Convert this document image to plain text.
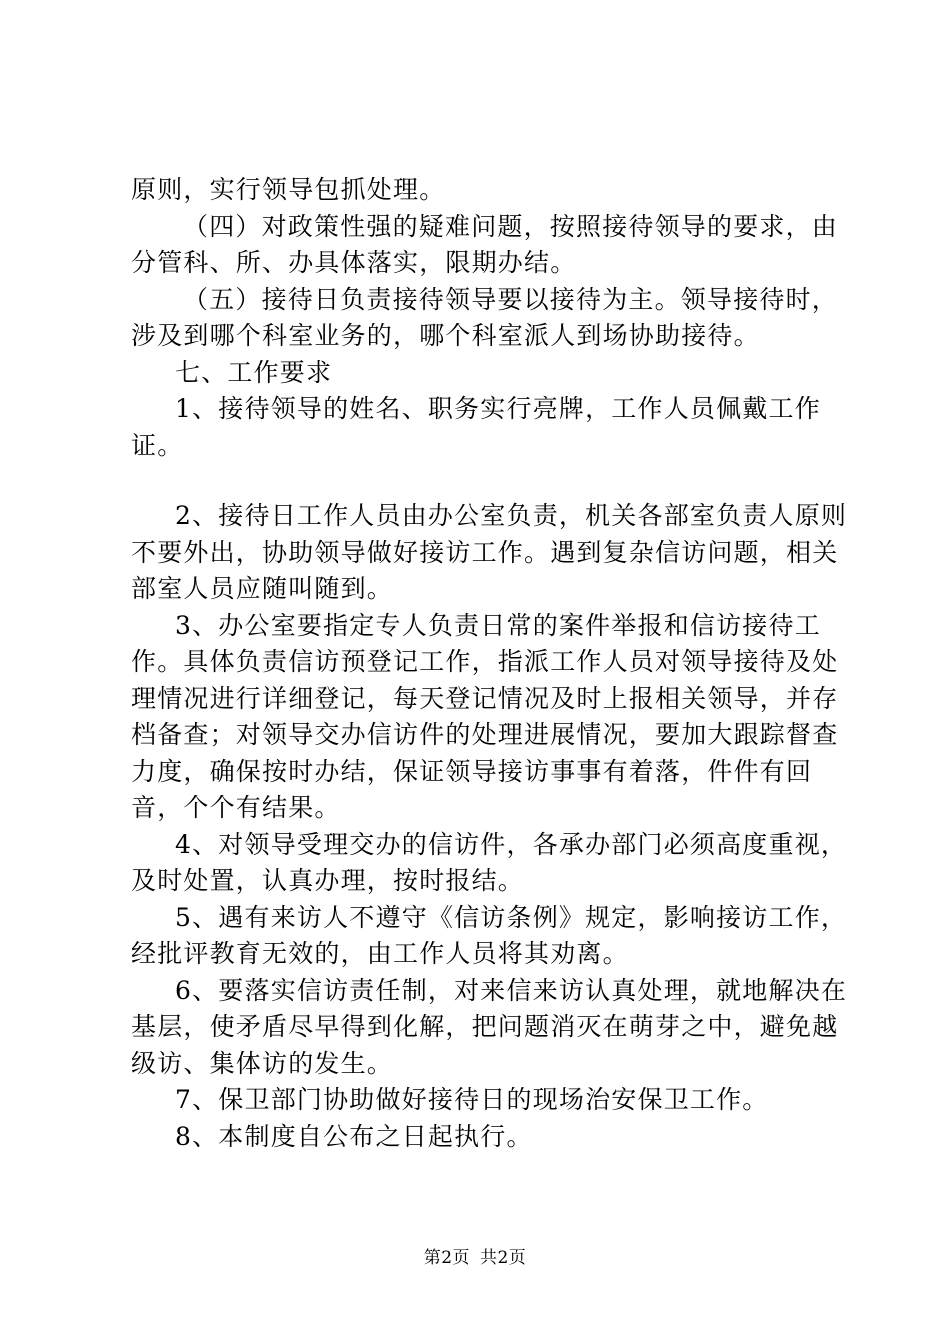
原则，实行领导包抓处理。

（四）对政策性强的疑难问题，按照接待领导的要求，由分管科、所、办具体落实，限期办结。

（五）接待日负责接待领导要以接待为主。领导接待时，涉及到哪个科室业务的，哪个科室派人到场协助接待。

七、工作要求

1、接待领导的姓名、职务实行亮牌，工作人员佩戴工作证。

2、接待日工作人员由办公室负责，机关各部室负责人原则不要外出，协助领导做好接访工作。遇到复杂信访问题，相关部室人员应随叫随到。

3、办公室要指定专人负责日常的案件举报和信访接待工作。具体负责信访预登记工作，指派工作人员对领导接待及处理情况进行详细登记，每天登记情况及时上报相关领导，并存档备查；对领导交办信访件的处理进展情况，要加大跟踪督查力度，确保按时办结，保证领导接访事事有着落，件件有回音，个个有结果。

4、对领导受理交办的信访件，各承办部门必须高度重视，及时处置，认真办理，按时报结。

5、遇有来访人不遵守《信访条例》规定，影响接访工作，经批评教育无效的，由工作人员将其劝离。

6、要落实信访责任制，对来信来访认真处理，就地解决在基层，使矛盾尽早得到化解，把问题消灭在萌芽之中，避免越级访、集体访的发生。

7、保卫部门协助做好接待日的现场治安保卫工作。

8、本制度自公布之日起执行。

第2页 共2页
